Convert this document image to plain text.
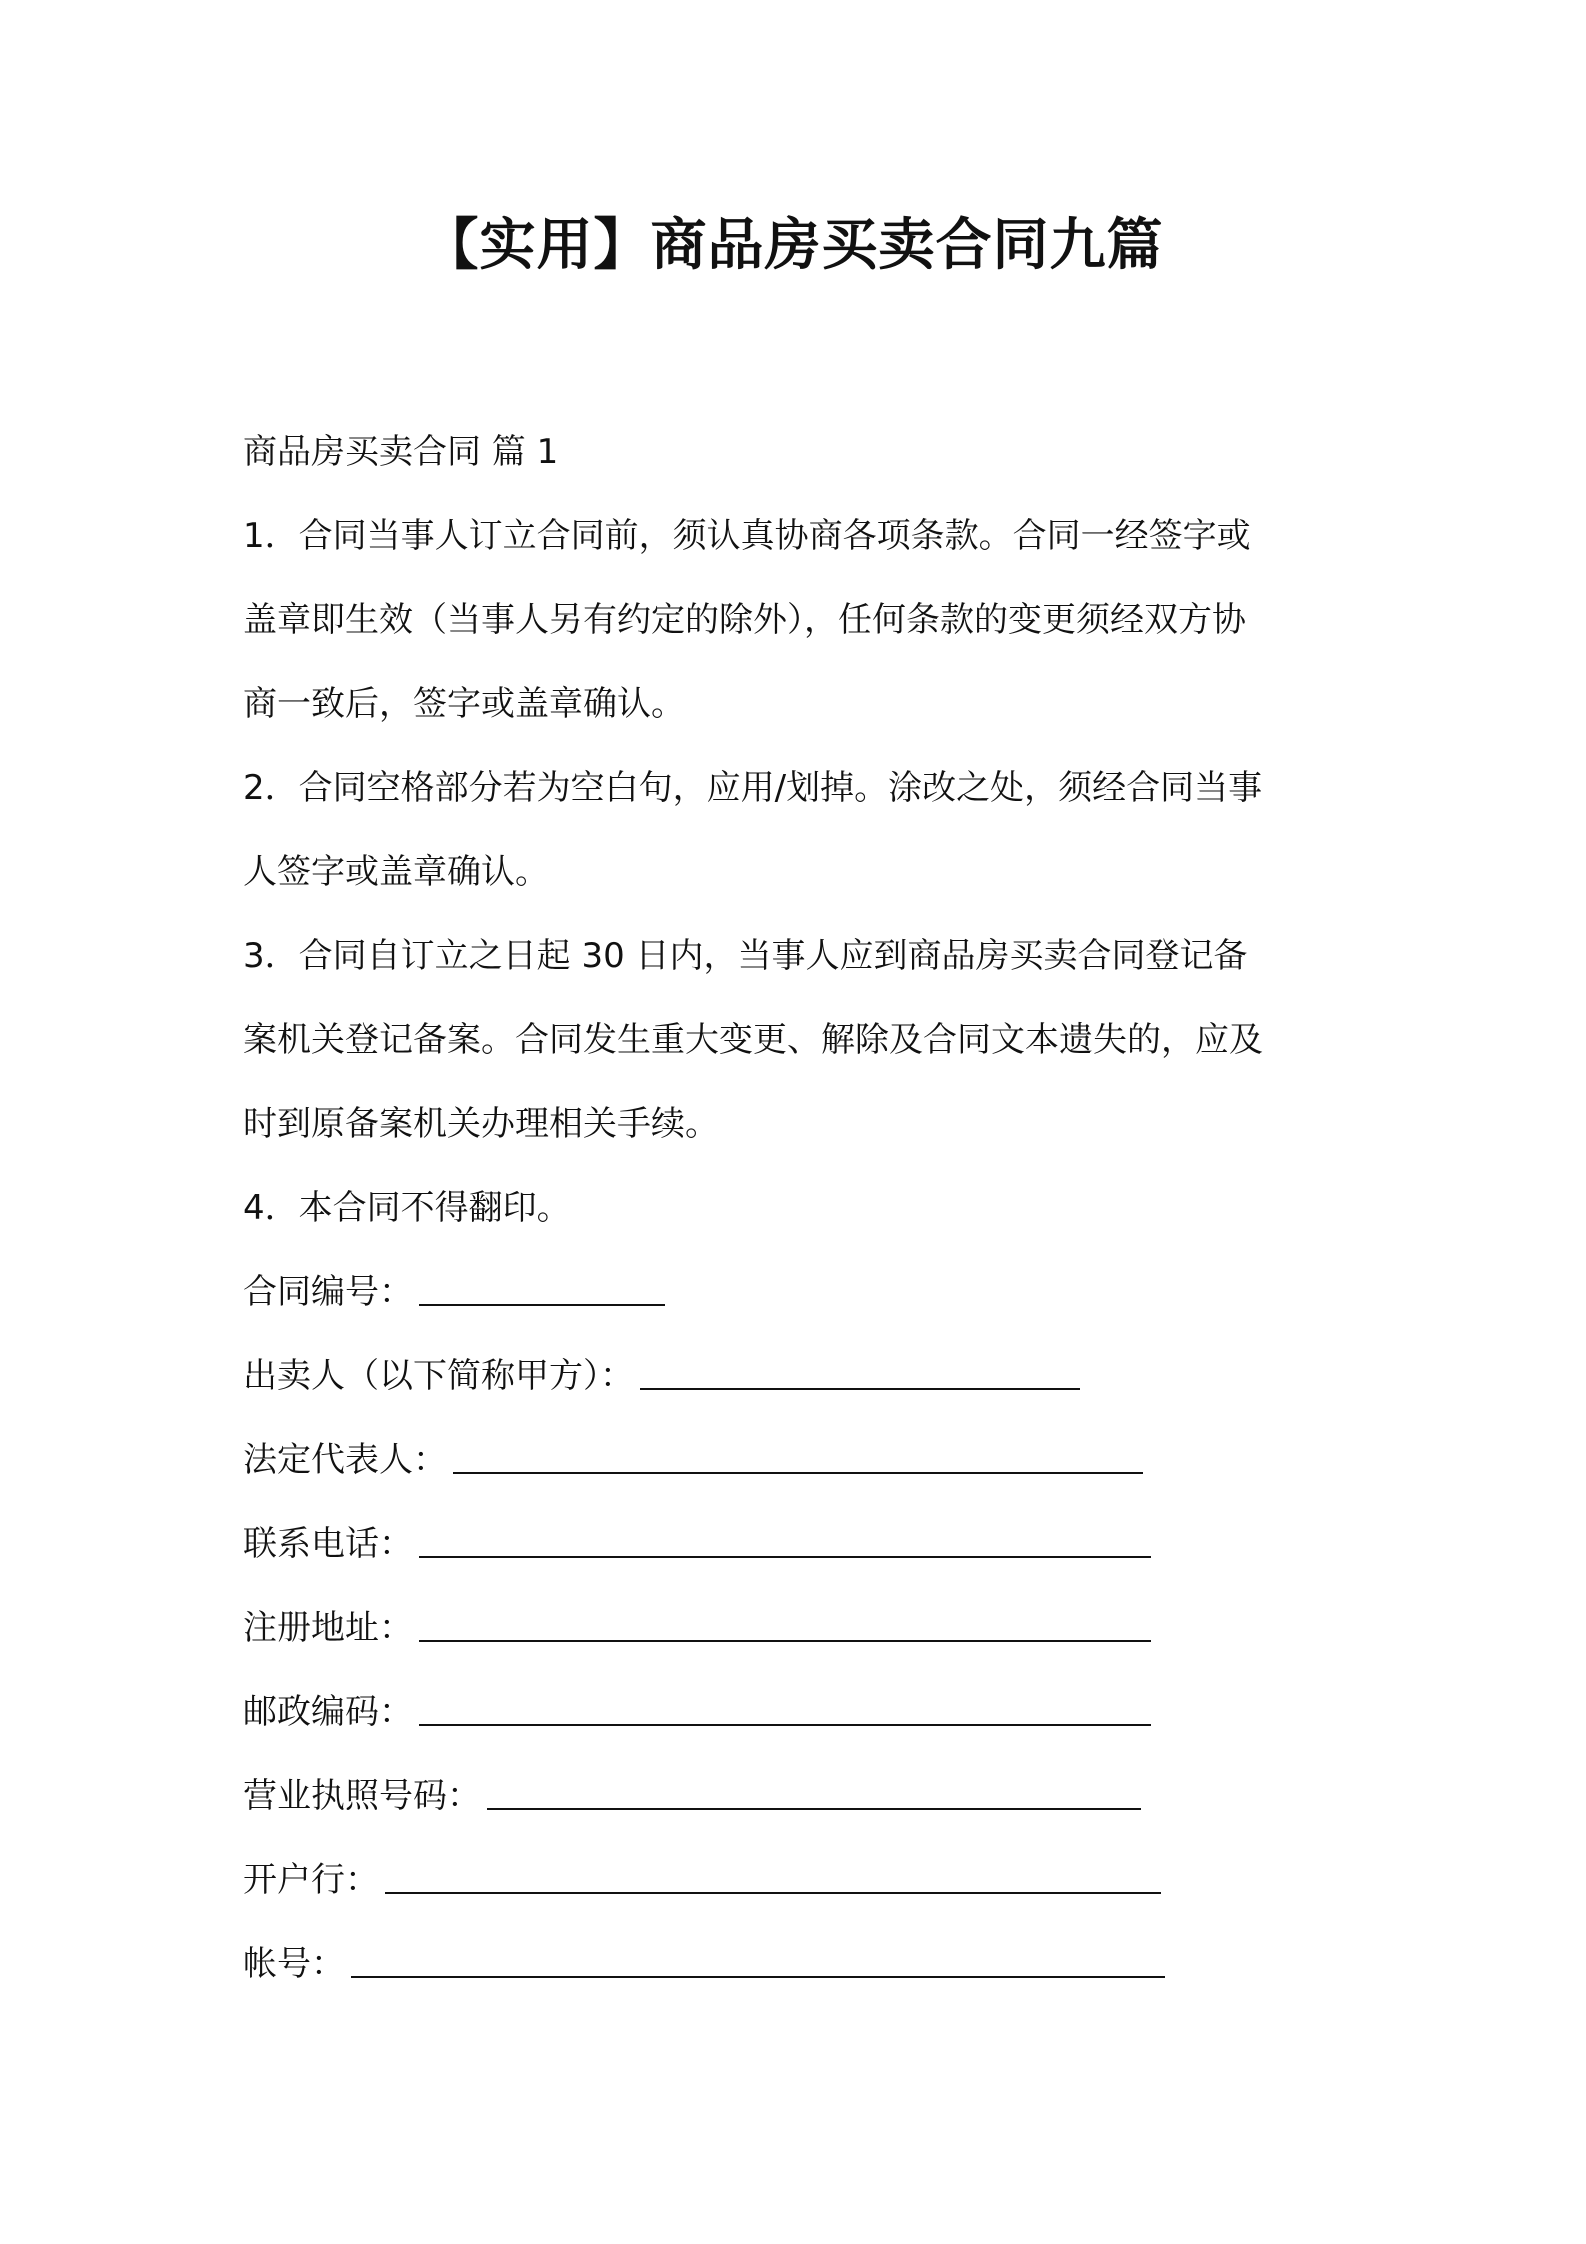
【实用】商品房买卖合同九篇
商品房买卖合同 篇 1
1．合同当事人订立合同前，须认真协商各项条款。合同一经签字或
盖章即生效（当事人另有约定的除外），任何条款的变更须经双方协
商一致后，签字或盖章确认。
2．合同空格部分若为空白句，应用/划掉。涂改之处，须经合同当事
人签字或盖章确认。
3．合同自订立之日起 30 日内，当事人应到商品房买卖合同登记备
案机关登记备案。合同发生重大变更、解除及合同文本遗失的，应及
时到原备案机关办理相关手续。
4．本合同不得翻印。
合同编号：
出卖人（以下简称甲方）：
法定代表人：
联系电话：
注册地址：
邮政编码：
营业执照号码：
开户行：
帐号：
